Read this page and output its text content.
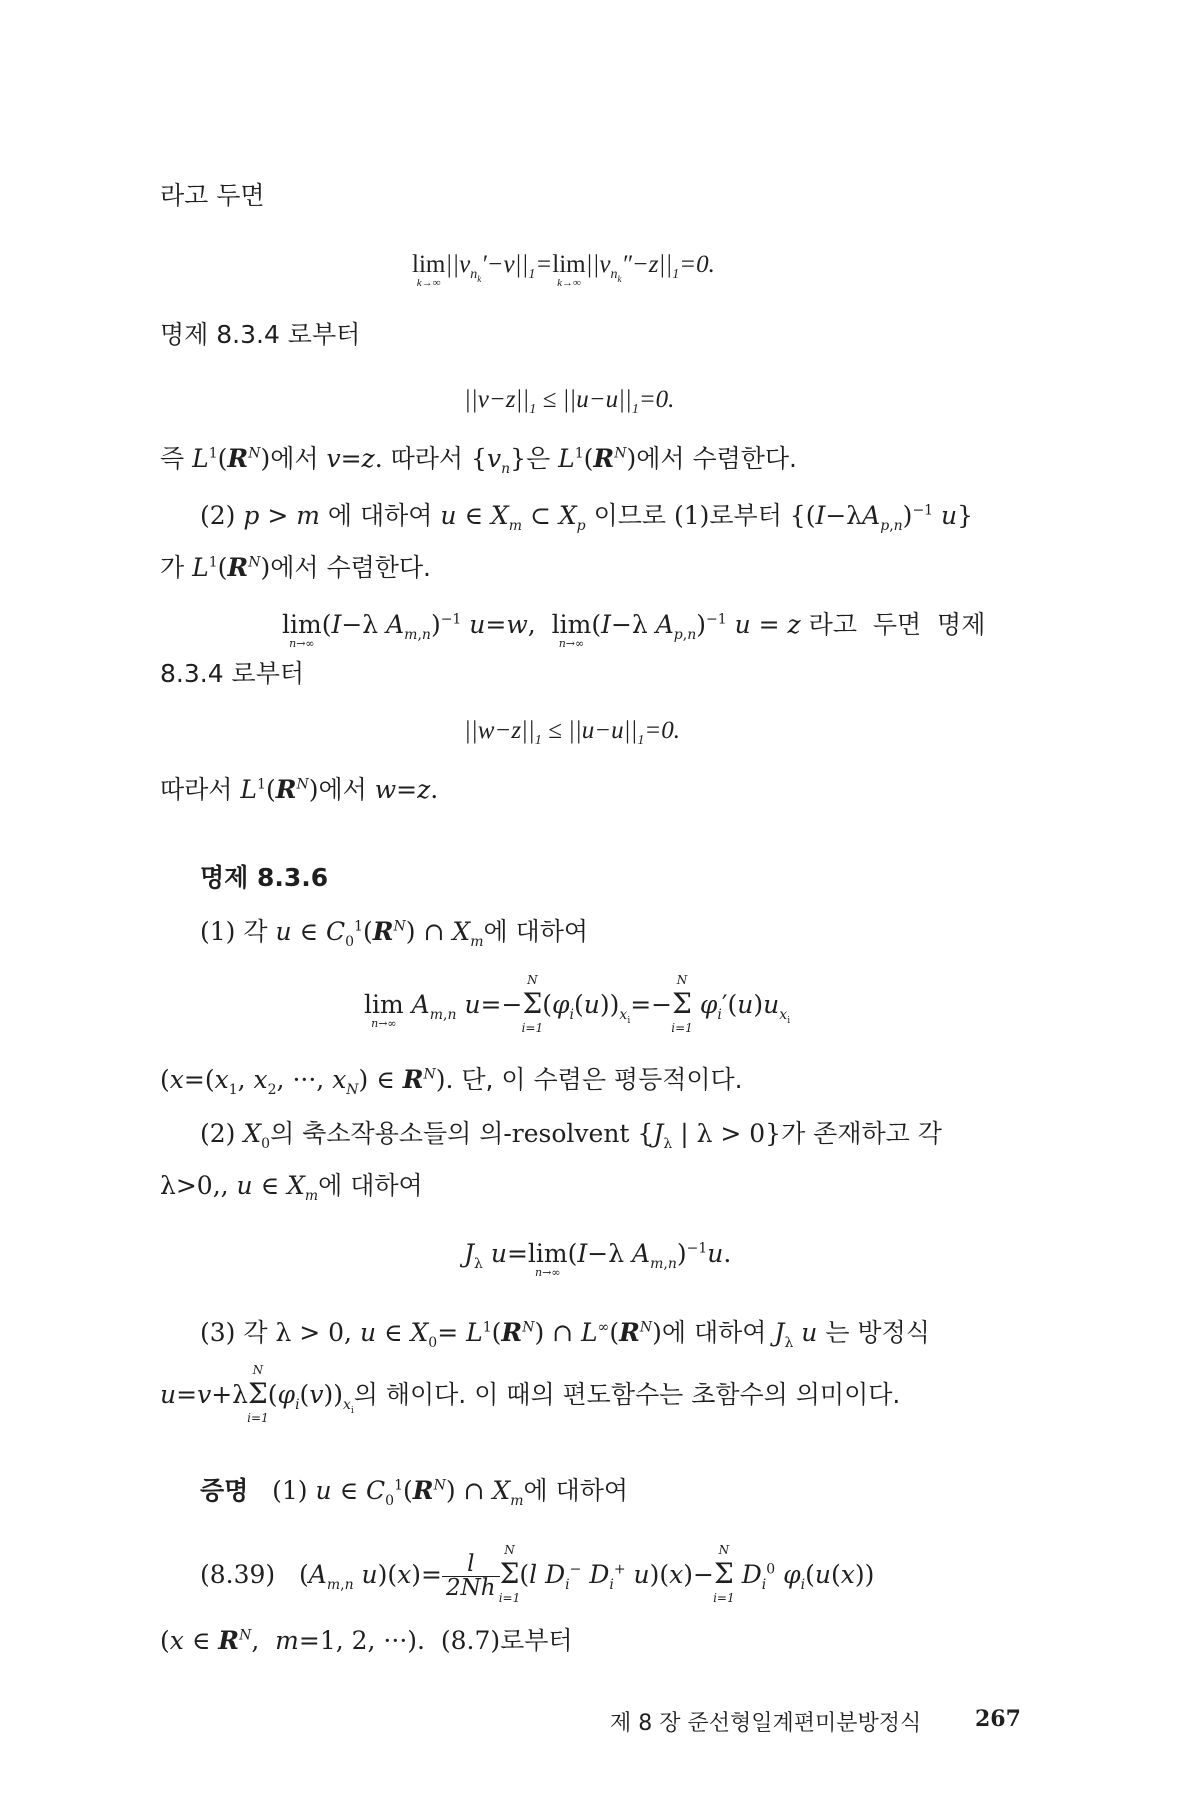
라고 두면
lim
k→∞
$||v_{n_k}'-v||_1=\lim$
k→∞
$||v_{n_k}''-z||_1=0$.
명제 8.3.4 로부터
$||v-z||_1 \le ||u-u||_1=0$.
즉 $L^1(R^N)$에서 v=z. 따라서 $\{v_n\}$은 $L^1(R^N)$에서 수렴한다.
(2) p > m 에 대하여 u ∈ $X_m$ ⊂ $X_p$ 이므로 (1)로부터 {$(I-\lambda A_{p,n})^{-1}$ u}
가 $L^1(R^N)$에서 수렴한다.
lim
n→∞
(I−λ $A_{m,n})^{-1}$ u=w,  lim
n→∞
(I−λ $A_{p,n})^{-1}$ u = z 라고  두면  명제
8.3.4 로부터
$||w-z||_1 \le ||u-u||_1=0$.
따라서 $L^1(R^N)$에서 w=z.
명제 8.3.6
(1) 각 u ∈ $C_0^1(R^N)$ ∩ $X_m$에 대하여
lim
n→∞
$A_{m,n}$ u=−Σ
N
i=1
$(\varphi_i(u))_{x_i}=-\Sigma$
N
i=1
$\varphi_i'(u)u_{x_i}$
($x=(x_1$, $x_2$, ···, $x_N$) ∈ $R^N$). 단, 이 수렴은 평등적이다.
(2) $X_0$의 축소작용소들의 의-resolvent {$J_\lambda$ | λ > 0}가 존재하고 각
λ>0,, u ∈ $X_m$에 대하여
$J_\lambda$ u=lim
n→∞
(I−λ $A_{m,n})^{-1}u$.
(3) 각 λ > 0, u ∈ $X_0= L^1(R^N)$ ∩ $L^\infty(R^N)$에 대하여 $J_\lambda$ u 는 방정식
u=v+λΣ
N
i=1
$(\varphi_i(v))_{x_i}$의 해이다. 이 때의 편도함수는 초함수의 의미이다.
증명   (1) u ∈ $C_0^1(R^N)$ ∩ $X_m$에 대하여
(8.39)   ($A_{m,n}$ $u)(x)= \frac{l}{2Nh}$ Σ
N
i=1
(l $D_i^-$ $D_i^+$ u)(x)−Σ
N
i=1
$D_i^0$ $\varphi_i(u(x))$
(x ∈ $R^N$,  m=1, 2, ···).  (8.7)로부터
제 8 장 준선형일계편미분방정식 267
